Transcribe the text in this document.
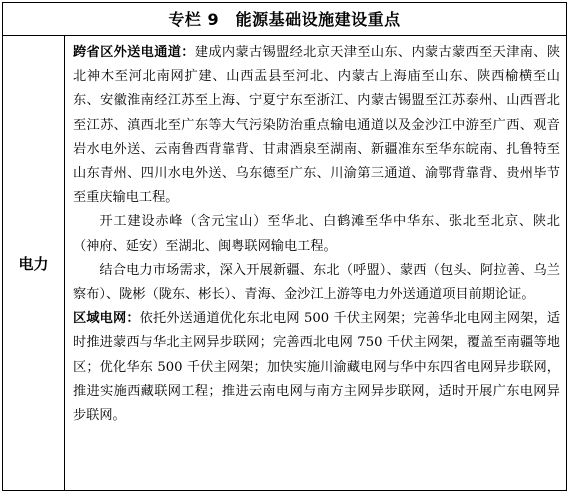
专栏 9　能源基础设施建设重点
电力

跨省区外送电通道：建成内蒙古锡盟经北京天津至山东、内蒙古蒙西至天津南、陕北神木至河北南网扩建、山西盂县至河北、内蒙古上海庙至山东、陕西榆横至山东、安徽淮南经江苏至上海、宁夏宁东至浙江、内蒙古锡盟至江苏泰州、山西晋北至江苏、滇西北至广东等大气污染防治重点输电通道以及金沙江中游至广西、观音岩水电外送、云南鲁西背靠背、甘肃酒泉至湖南、新疆准东至华东皖南、扎鲁特至山东青州、四川水电外送、乌东德至广东、川渝第三通道、渝鄂背靠背、贵州毕节至重庆输电工程。

开工建设赤峰（含元宝山）至华北、白鹤滩至华中华东、张北至北京、陕北（神府、延安）至湖北、闽粤联网输电工程。

结合电力市场需求，深入开展新疆、东北（呼盟）、蒙西（包头、阿拉善、乌兰察布）、陇彬（陇东、彬长）、青海、金沙江上游等电力外送通道项目前期论证。

区域电网：依托外送通道优化东北电网 500 千伏主网架；完善华北电网主网架，适时推进蒙西与华北主网异步联网；完善西北电网 750 千伏主网架，覆盖至南疆等地区；优化华东 500 千伏主网架；加快实施川渝藏电网与华中东四省电网异步联网，推进实施西藏联网工程；推进云南电网与南方主网异步联网，适时开展广东电网异步联网。
